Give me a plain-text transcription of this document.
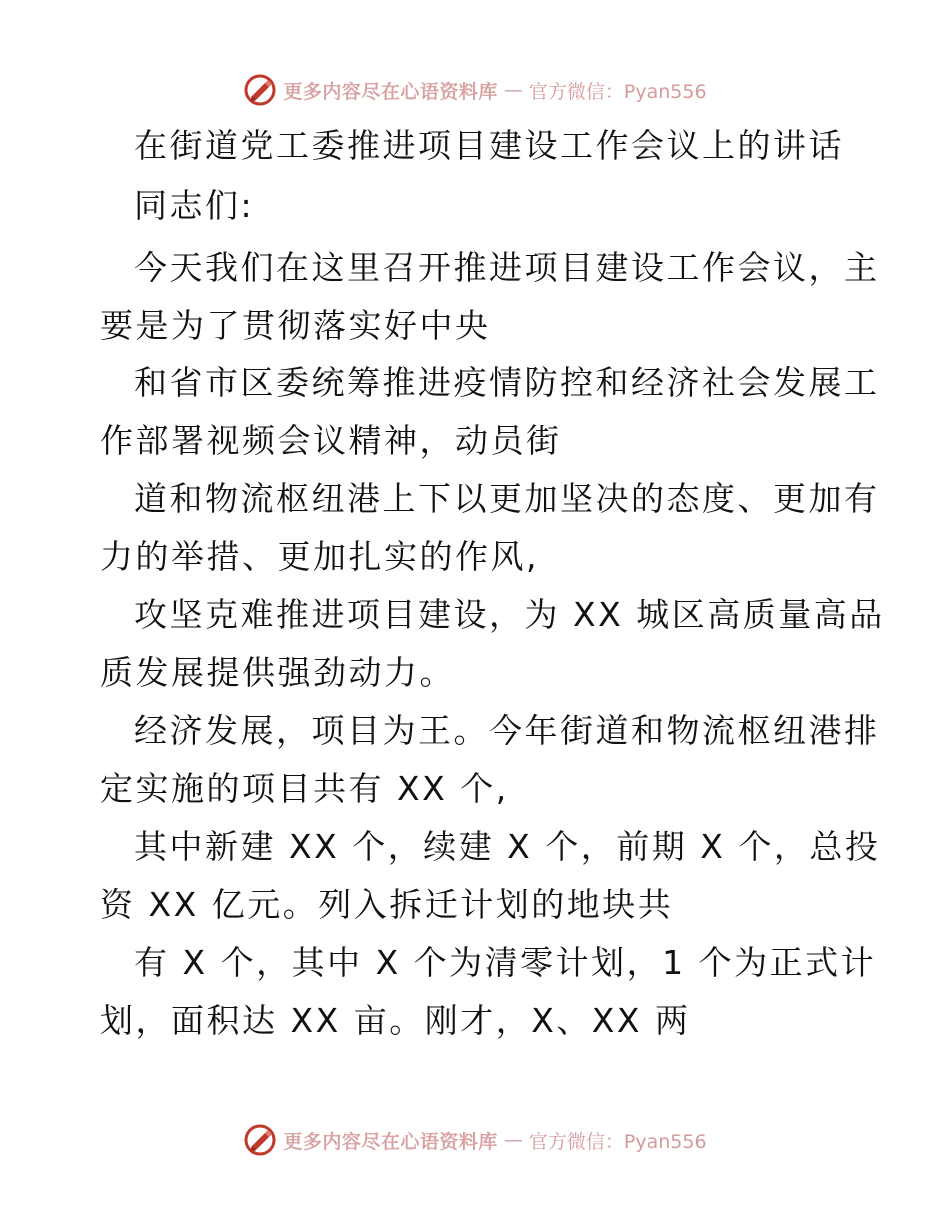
更多内容尽在心语资料库 — 官方微信：Pyan556
在街道党工委推进项目建设工作会议上的讲话
同志们:
今天我们在这里召开推进项目建设工作会议，主
要是为了贯彻落实好中央
和省市区委统筹推进疫情防控和经济社会发展工
作部署视频会议精神，动员街
道和物流枢纽港上下以更加坚决的态度、更加有
力的举措、更加扎实的作风,
攻坚克难推进项目建设，为 XX 城区高质量高品
质发展提供强劲动力。
经济发展，项目为王。今年街道和物流枢纽港排
定实施的项目共有 XX 个,
其中新建 XX 个，续建 X 个，前期 X 个，总投
资 XX 亿元。列入拆迁计划的地块共
有 X 个，其中 X 个为清零计划，1 个为正式计
划，面积达 XX 亩。刚才，X、XX 两
更多内容尽在心语资料库 — 官方微信：Pyan556
